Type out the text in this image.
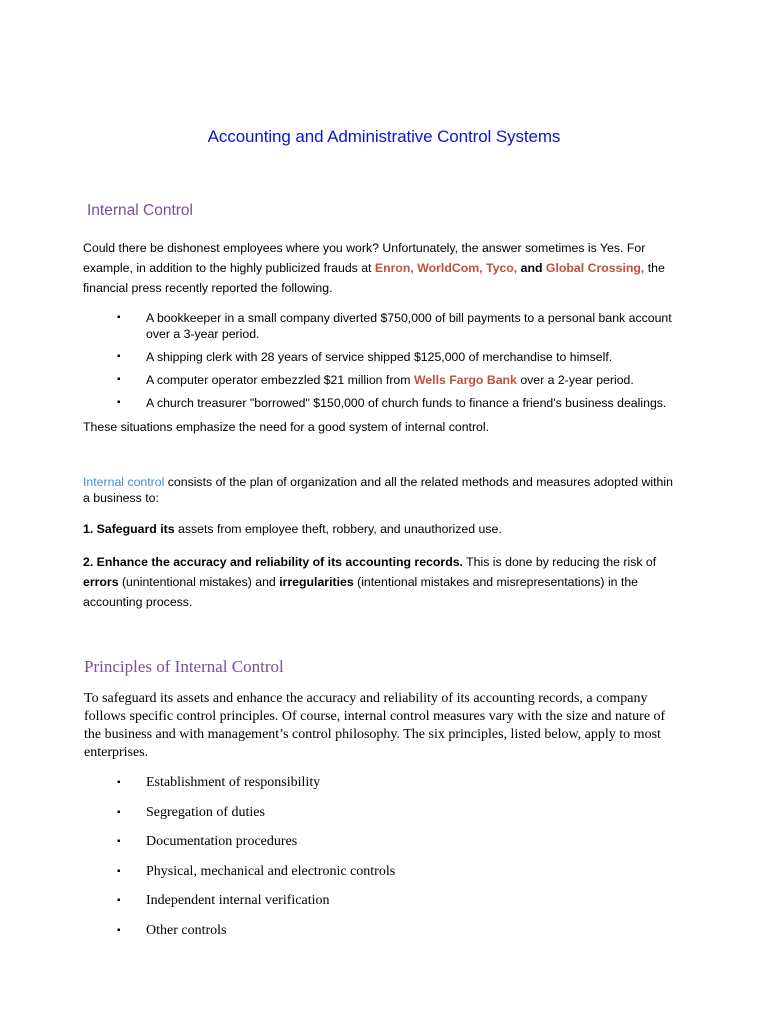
Accounting and Administrative Control Systems
Internal Control

Could there be dishonest employees where you work? Unfortunately, the answer sometimes is Yes. For example, in addition to the highly publicized frauds at Enron, WorldCom, Tyco, and Global Crossing, the financial press recently reported the following.

▪ A bookkeeper in a small company diverted $750,000 of bill payments to a personal bank account over a 3-year period.
▪ A shipping clerk with 28 years of service shipped $125,000 of merchandise to himself.
▪ A computer operator embezzled $21 million from Wells Fargo Bank over a 2-year period.
▪ A church treasurer "borrowed" $150,000 of church funds to finance a friend's business dealings.

These situations emphasize the need for a good system of internal control.

Internal control consists of the plan of organization and all the related methods and measures adopted within a business to:

1. Safeguard its assets from employee theft, robbery, and unauthorized use.

2. Enhance the accuracy and reliability of its accounting records. This is done by reducing the risk of errors (unintentional mistakes) and irregularities (intentional mistakes and misrepresentations) in the accounting process.

Principles of Internal Control

To safeguard its assets and enhance the accuracy and reliability of its accounting records, a company follows specific control principles. Of course, internal control measures vary with the size and nature of the business and with management’s control philosophy. The six principles, listed below, apply to most enterprises.

▪ Establishment of responsibility
▪ Segregation of duties
▪ Documentation procedures
▪ Physical, mechanical and electronic controls
▪ Independent internal verification
▪ Other controls
